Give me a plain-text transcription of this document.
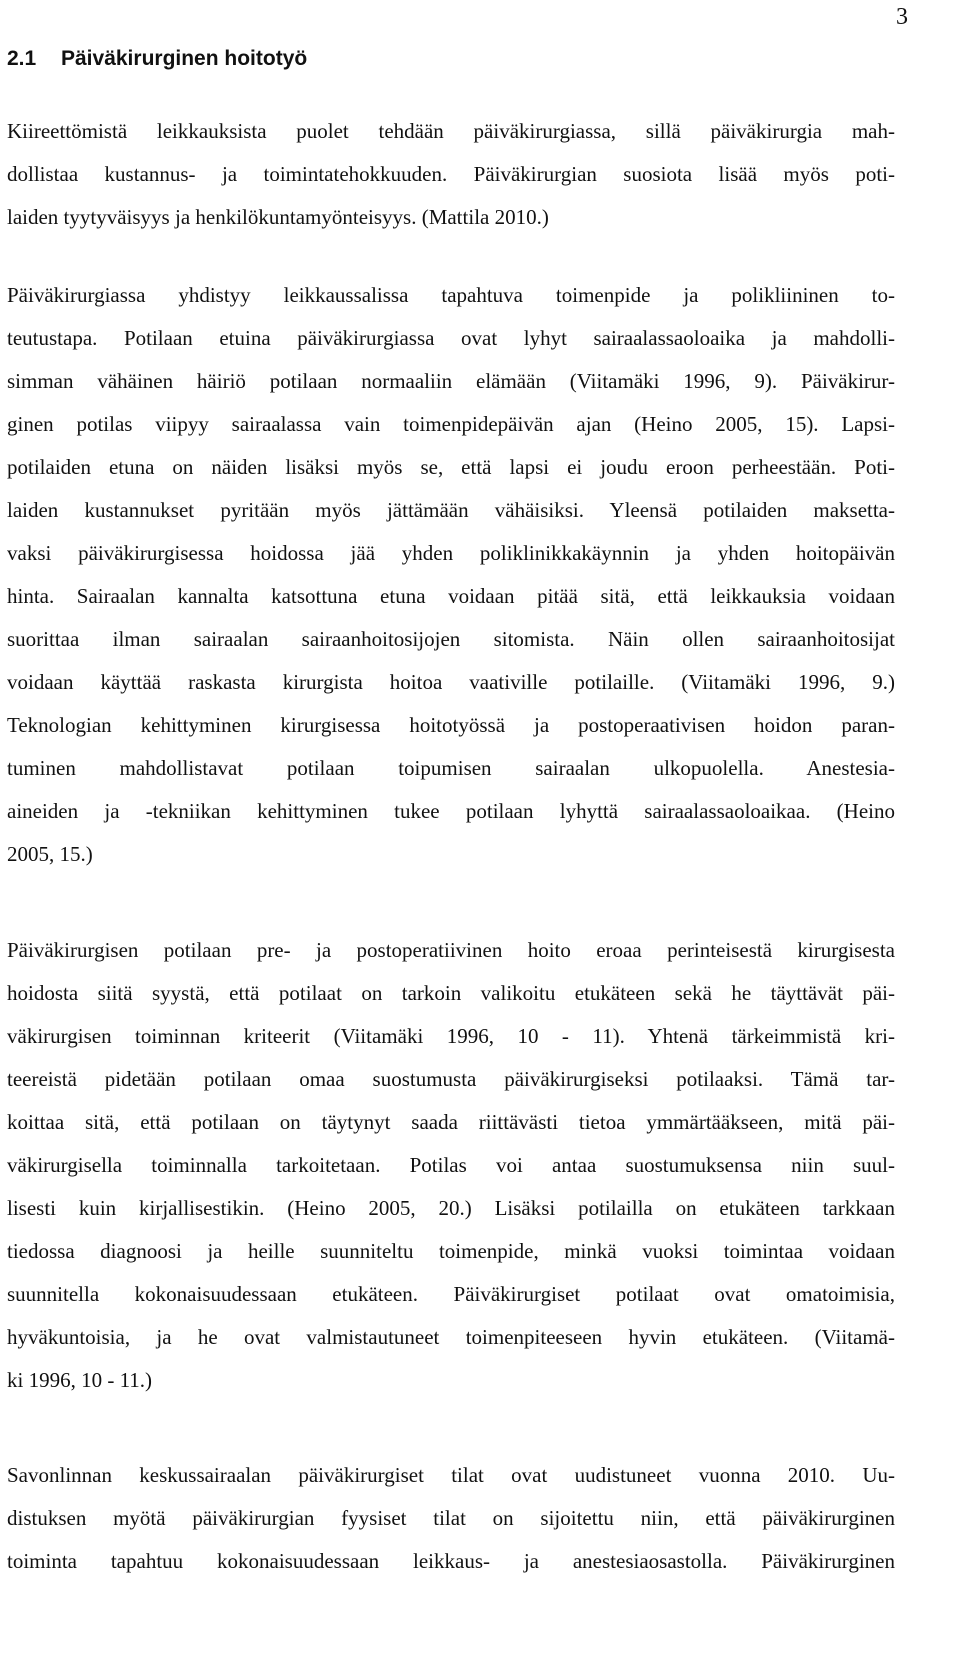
3
2.1 Päiväkirurginen hoitotyö
Kiireettömistä leikkauksista puolet tehdään päiväkirurgiassa, sillä päiväkirurgia mah-
dollistaa kustannus- ja toimintatehokkuuden. Päiväkirurgian suosiota lisää myös poti-
laiden tyytyväisyys ja henkilökuntamyönteisyys. (Mattila 2010.)
Päiväkirurgiassa yhdistyy leikkaussalissa tapahtuva toimenpide ja polikliininen to-
teutustapa. Potilaan etuina päiväkirurgiassa ovat lyhyt sairaalassaoloaika ja mahdolli-
simman vähäinen häiriö potilaan normaaliin elämään (Viitamäki 1996, 9). Päiväkirur-
ginen potilas viipyy sairaalassa vain toimenpidepäivän ajan (Heino 2005, 15). Lapsi-
potilaiden etuna on näiden lisäksi myös se, että lapsi ei joudu eroon perheestään. Poti-
laiden kustannukset pyritään myös jättämään vähäisiksi. Yleensä potilaiden maksetta-
vaksi päiväkirurgisessa hoidossa jää yhden poliklinikkakäynnin ja yhden hoitopäivän
hinta. Sairaalan kannalta katsottuna etuna voidaan pitää sitä, että leikkauksia voidaan
suorittaa ilman sairaalan sairaanhoitosijojen sitomista. Näin ollen sairaanhoitosijat
voidaan käyttää raskasta kirurgista hoitoa vaativille potilaille. (Viitamäki 1996, 9.)
Teknologian kehittyminen kirurgisessa hoitotyössä ja postoperaativisen hoidon paran-
tuminen mahdollistavat potilaan toipumisen sairaalan ulkopuolella. Anestesia-
aineiden ja -tekniikan kehittyminen tukee potilaan lyhyttä sairaalassaoloaikaa. (Heino
2005, 15.)
Päiväkirurgisen potilaan pre- ja postoperatiivinen hoito eroaa perinteisestä kirurgisesta
hoidosta siitä syystä, että potilaat on tarkoin valikoitu etukäteen sekä he täyttävät päi-
väkirurgisen toiminnan kriteerit (Viitamäki 1996, 10 - 11). Yhtenä tärkeimmistä kri-
teereistä pidetään potilaan omaa suostumusta päiväkirurgiseksi potilaaksi. Tämä tar-
koittaa sitä, että potilaan on täytynyt saada riittävästi tietoa ymmärtääkseen, mitä päi-
väkirurgisella toiminnalla tarkoitetaan. Potilas voi antaa suostumuksensa niin suul-
lisesti kuin kirjallisestikin. (Heino 2005, 20.) Lisäksi potilailla on etukäteen tarkkaan
tiedossa diagnoosi ja heille suunniteltu toimenpide, minkä vuoksi toimintaa voidaan
suunnitella kokonaisuudessaan etukäteen. Päiväkirurgiset potilaat ovat omatoimisia,
hyväkuntoisia, ja he ovat valmistautuneet toimenpiteeseen hyvin etukäteen. (Viitamä-
ki 1996, 10 - 11.)
Savonlinnan keskussairaalan päiväkirurgiset tilat ovat uudistuneet vuonna 2010. Uu-
distuksen myötä päiväkirurgian fyysiset tilat on sijoitettu niin, että päiväkirurginen
toiminta tapahtuu kokonaisuudessaan leikkaus- ja anestesiaosastolla. Päiväkirurginen
